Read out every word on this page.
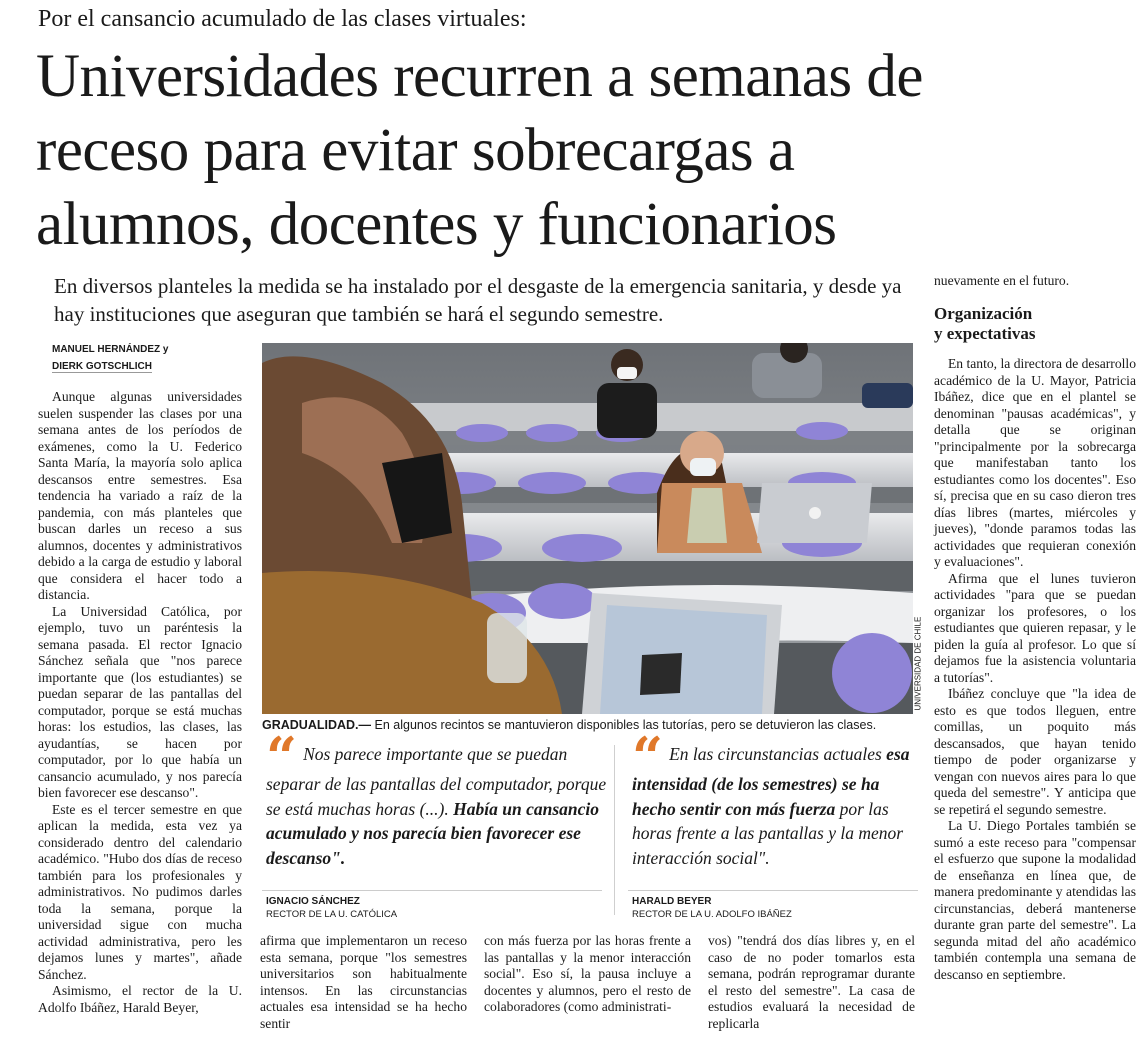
Por el cansancio acumulado de las clases virtuales:
Universidades recurren a semanas de receso para evitar sobrecargas a alumnos, docentes y funcionarios
En diversos planteles la medida se ha instalado por el desgaste de la emergencia sanitaria, y desde ya hay instituciones que aseguran que también se hará el segundo semestre.
MANUEL HERNÁNDEZ y
DIERK GOTSCHLICH

Aunque algunas universidades suelen suspender las clases por una semana antes de los períodos de exámenes, como la U. Federico Santa María, la mayoría solo aplica descansos entre semestres. Esa tendencia ha variado a raíz de la pandemia, con más planteles que buscan darles un receso a sus alumnos, docentes y administrativos debido a la carga de estudio y laboral que considera el hacer todo a distancia.

La Universidad Católica, por ejemplo, tuvo un paréntesis la semana pasada. El rector Ignacio Sánchez señala que "nos parece importante que (los estudiantes) se puedan separar de las pantallas del computador, porque se está muchas horas: los estudios, las clases, las ayudantías, se hacen por computador, por lo que había un cansancio acumulado, y nos parecía bien favorecer ese descanso".

Este es el tercer semestre en que aplican la medida, esta vez ya considerado dentro del calendario académico. "Hubo dos días de receso también para los profesionales y administrativos. No pudimos darles toda la semana, porque la universidad sigue con mucha actividad administrativa, pero les dejamos lunes y martes", añade Sánchez.

Asimismo, el rector de la U. Adolfo Ibáñez, Harald Beyer,

UNIVERSIDAD DE CHILE
GRADUALIDAD.— En algunos recintos se mantuvieron disponibles las tutorías, pero se detuvieron las clases.
“ Nos parece importante que se puedan separar de las pantallas del computador, porque se está muchas horas (...). Había un cansancio acumulado y nos parecía bien favorecer ese descanso".
IGNACIO SÁNCHEZ
RECTOR DE LA U. CATÓLICA
“ En las circunstancias actuales esa intensidad (de los semestres) se ha hecho sentir con más fuerza por las horas frente a las pantallas y la menor interacción social".
HARALD BEYER
RECTOR DE LA U. ADOLFO IBÁÑEZ

afirma que implementaron un receso esta semana, porque "los semestres universitarios son habitualmente intensos. En las circunstancias actuales esa intensidad se ha hecho sentir

con más fuerza por las horas frente a las pantallas y la menor interacción social". Eso sí, la pausa incluye a docentes y alumnos, pero el resto de colaboradores (como administrati-

vos) "tendrá dos días libres y, en el caso de no poder tomarlos esta semana, podrán reprogramar durante el resto del semestre". La casa de estudios evaluará la necesidad de replicarla

nuevamente en el futuro.

Organización
y expectativas

En tanto, la directora de desarrollo académico de la U. Mayor, Patricia Ibáñez, dice que en el plantel se denominan "pausas académicas", y detalla que se originan "principalmente por la sobrecarga que manifestaban tanto los estudiantes como los docentes". Eso sí, precisa que en su caso dieron tres días libres (martes, miércoles y jueves), "donde paramos todas las actividades que requieran conexión y evaluaciones".

Afirma que el lunes tuvieron actividades "para que se puedan organizar los profesores, o los estudiantes que quieren repasar, y le piden la guía al profesor. Lo que sí dejamos fue la asistencia voluntaria a tutorías".

Ibáñez concluye que "la idea de esto es que todos lleguen, entre comillas, un poquito más descansados, que hayan tenido tiempo de poder organizarse y vengan con nuevos aires para lo que queda del semestre". Y anticipa que se repetirá el segundo semestre.

La U. Diego Portales también se sumó a este receso para "compensar el esfuerzo que supone la modalidad de enseñanza en línea que, de manera predominante y atendidas las circunstancias, deberá mantenerse durante gran parte del semestre". La segunda mitad del año académico también contempla una semana de descanso en septiembre.
